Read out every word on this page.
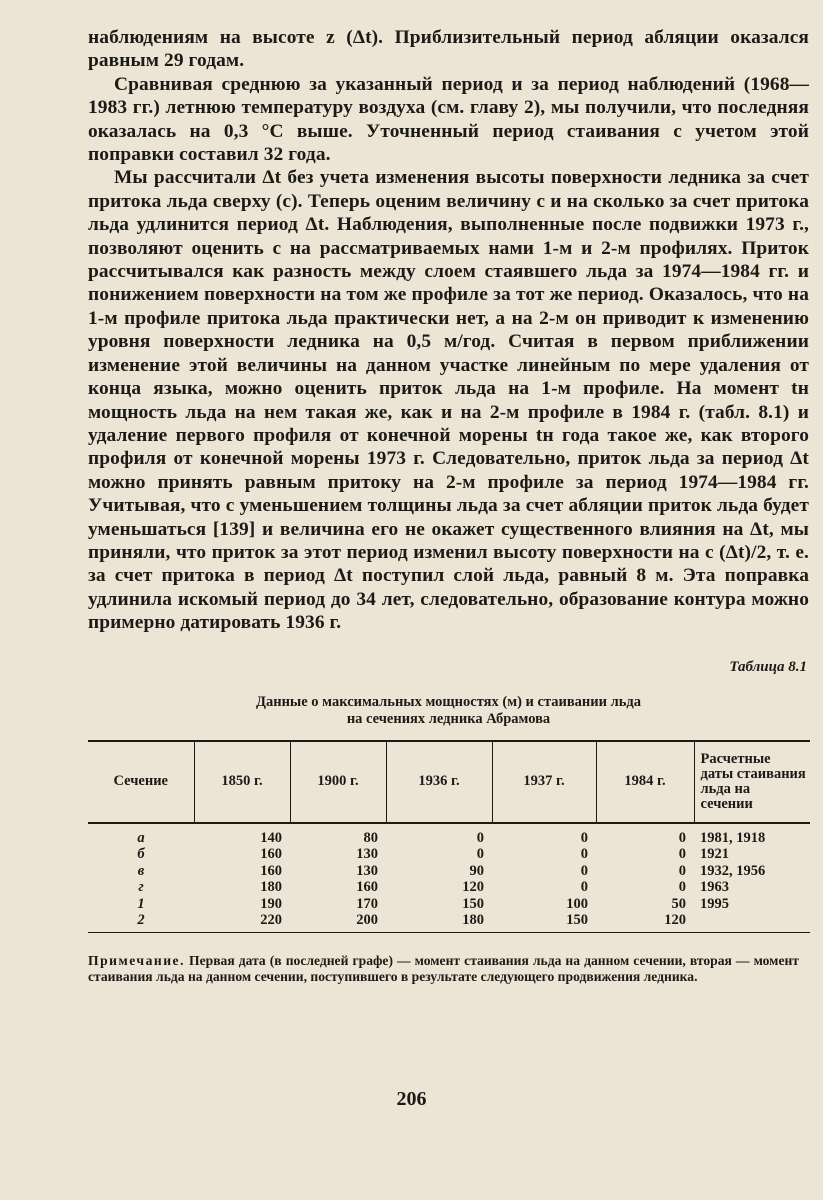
наблюдениям на высоте z (Δt). Приблизительный период абляции оказался равным 29 годам.

Сравнивая среднюю за указанный период и за период наблюдений (1968—1983 гг.) летнюю температуру воздуха (см. главу 2), мы получили, что последняя оказалась на 0,3 °С выше. Уточненный период стаивания с учетом этой поправки составил 32 года.

Мы рассчитали Δt без учета изменения высоты поверхности ледника за счет притока льда сверху (c). Теперь оценим величину c и на сколько за счет притока льда удлинится период Δt. Наблюдения, выполненные после подвижки 1973 г., позволяют оценить c на рассматриваемых нами 1-м и 2-м профилях. Приток рассчитывался как разность между слоем стаявшего льда за 1974—1984 гг. и понижением поверхности на том же профиле за тот же период. Оказалось, что на 1-м профиле притока льда практически нет, а на 2-м он приводит к изменению уровня поверхности ледника на 0,5 м/год. Считая в первом приближении изменение этой величины на данном участке линейным по мере удаления от конца языка, можно оценить приток льда на 1-м профиле. На момент tн мощность льда на нем такая же, как и на 2-м профиле в 1984 г. (табл. 8.1) и удаление первого профиля от конечной морены tн года такое же, как второго профиля от конечной морены 1973 г. Следовательно, приток льда за период Δt можно принять равным притоку на 2-м профиле за период 1974—1984 гг. Учитывая, что с уменьшением толщины льда за счет абляции приток льда будет уменьшаться [139] и величина его не окажет существенного влияния на Δt, мы приняли, что приток за этот период изменил высоту поверхности на c (Δt)/2, т. е. за счет притока в период Δt поступил слой льда, равный 8 м. Эта поправка удлинила искомый период до 34 лет, следовательно, образование контура можно примерно датировать 1936 г.

Таблица 8.1
Данные о максимальных мощностях (м) и стаивании льда
на сечениях ледника Абрамова
Сечение	1850 г.	1900 г.	1936 г.	1937 г.	1984 г.	Расчетные даты стаивания льда на сечении
а	140	80	0	0	0	1981, 1918
б	160	130	0	0	0	1921
в	160	130	90	0	0	1932, 1956
г	180	160	120	0	0	1963
1	190	170	150	100	50	1995
2	220	200	180	150	120	

Примечание. Первая дата (в последней графе) — момент стаивания льда на данном сечении, вторая — момент стаивания льда на данном сечении, поступившего в результате следующего продвижения ледника.

206
